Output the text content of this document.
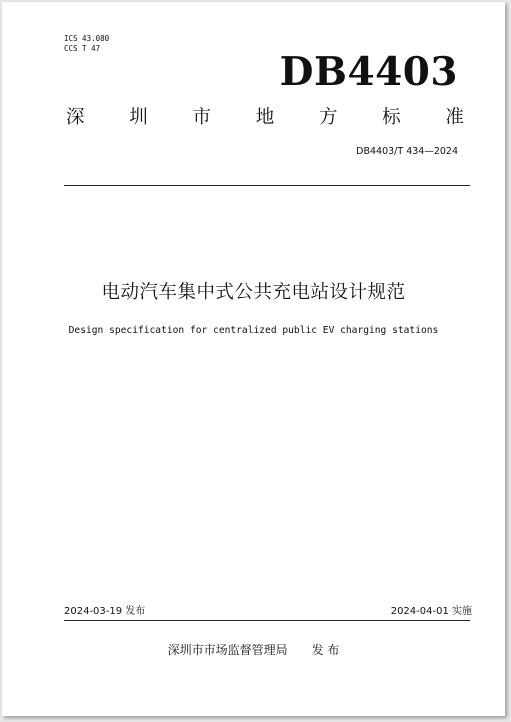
ICS 43.080
CCS T 47
DB4403
深 圳 市 地 方 标 准
DB4403/T 434—2024
电动汽车集中式公共充电站设计规范
Design specification for centralized public EV charging stations
2024-03-19 发布	2024-04-01 实施
深圳市市场监督管理局 发 布
